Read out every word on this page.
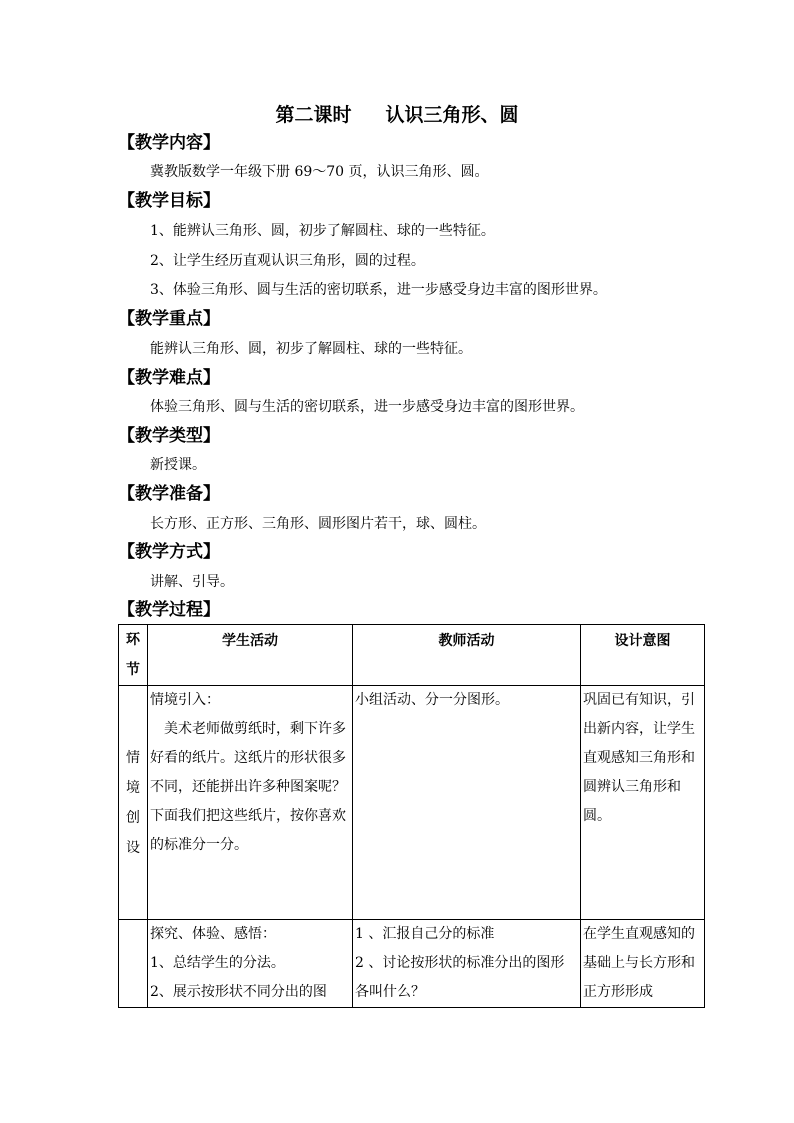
第二课时 认识三角形、圆
【教学内容】
冀教版数学一年级下册 69～70 页，认识三角形、圆。
【教学目标】
1、能辨认三角形、圆，初步了解圆柱、球的一些特征。
2、让学生经历直观认识三角形，圆的过程。
3、体验三角形、圆与生活的密切联系，进一步感受身边丰富的图形世界。
【教学重点】
能辨认三角形、圆，初步了解圆柱、球的一些特征。
【教学难点】
体验三角形、圆与生活的密切联系，进一步感受身边丰富的图形世界。
【教学类型】
新授课。
【教学准备】
长方形、正方形、三角形、圆形图片若干，球、圆柱。
【教学方式】
讲解、引导。
【教学过程】
环
节	学生活动	教师活动	设计意图

情
境
创
设	情境引入：
美术老师做剪纸时，剩下许多好看的纸片。这纸片的形状很多不同，还能拼出许多种图案呢？下面我们把这些纸片，按你喜欢的标准分一分。	小组活动、分一分图形。	巩固已有知识，引出新内容，让学生直观感知三角形和圆辨认三角形和圆。

	探究、体验、感悟：
1、总结学生的分法。
2、展示按形状不同分出的图	1 、汇报自己分的标准
2 、讨论按形状的标准分出的图形各叫什么？	在学生直观感知的基础上与长方形和正方形形成
